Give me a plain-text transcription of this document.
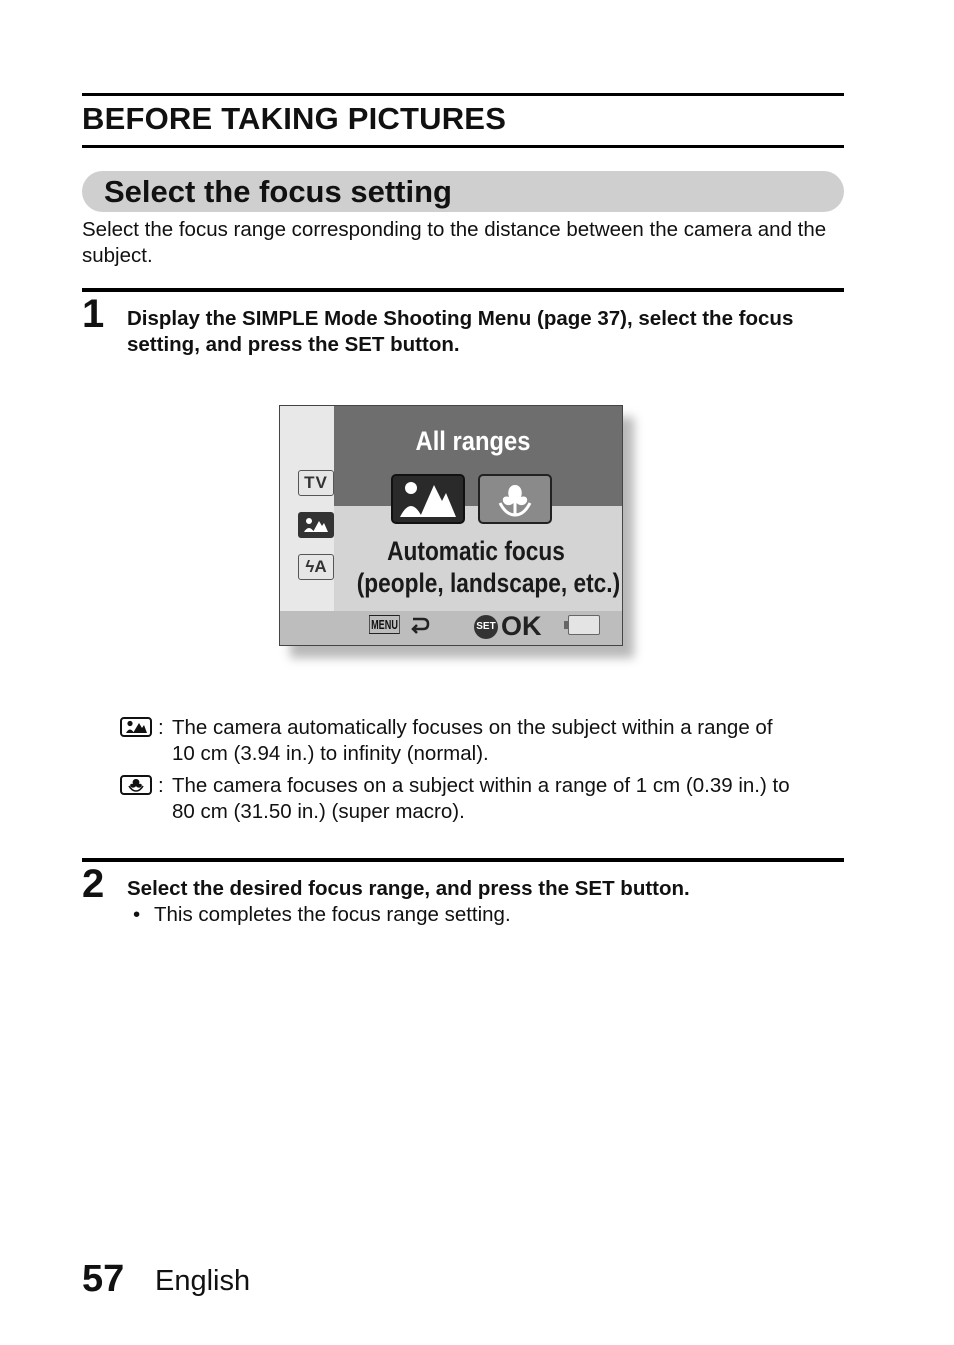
BEFORE TAKING PICTURES
Select the focus setting
Select the focus range corresponding to the distance between the camera and the subject.
1 Display the SIMPLE Mode Shooting Menu (page 37), select the focus setting, and press the SET button.
TV
ϟA
All ranges
Automatic focus
(people, landscape, etc.)
MENU	SET OK
: The camera automatically focuses on the subject within a range of
10 cm (3.94 in.) to infinity (normal).
: The camera focuses on a subject within a range of 1 cm (0.39 in.) to
80 cm (31.50 in.) (super macro).
2 Select the desired focus range, and press the SET button.
• This completes the focus range setting.
57 English
